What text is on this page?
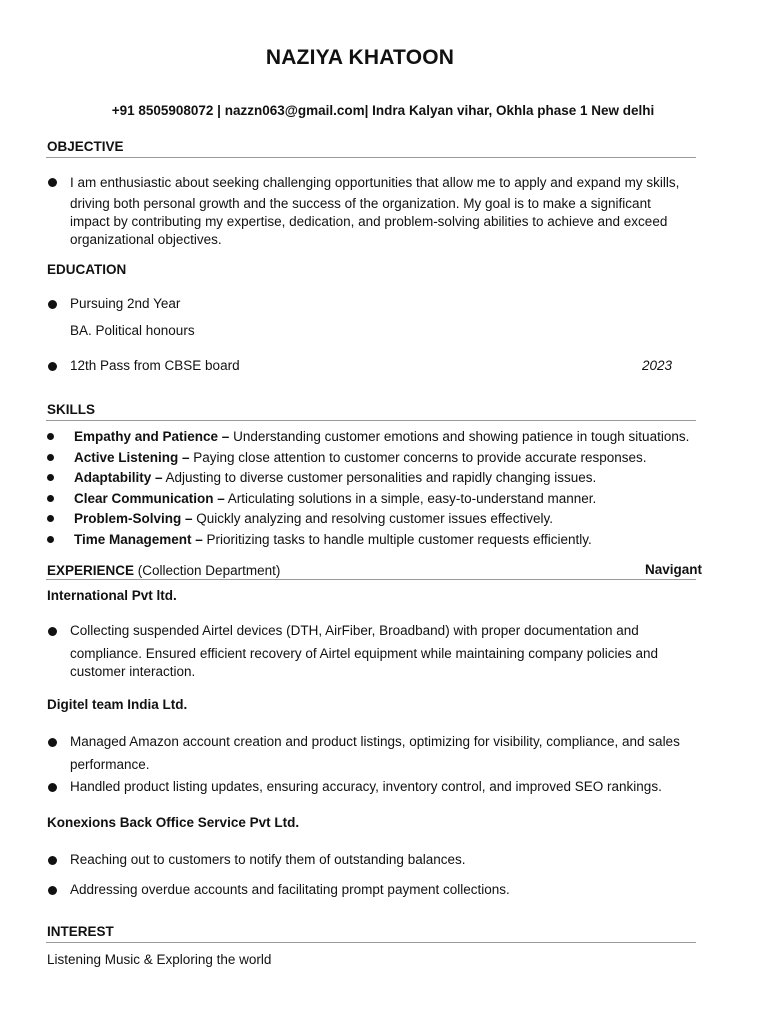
NAZIYA KHATOON
+91 8505908072 | nazzn063@gmail.com| Indra Kalyan vihar, Okhla phase 1 New delhi
OBJECTIVE
I am enthusiastic about seeking challenging opportunities that allow me to apply and expand my skills,
driving both personal growth and the success of the organization. My goal is to make a significant
impact by contributing my expertise, dedication, and problem-solving abilities to achieve and exceed
organizational objectives.
EDUCATION
Pursuing 2nd Year
BA. Political honours
12th Pass from CBSE board	2023
SKILLS
Empathy and Patience – Understanding customer emotions and showing patience in tough situations.
Active Listening – Paying close attention to customer concerns to provide accurate responses.
Adaptability – Adjusting to diverse customer personalities and rapidly changing issues.
Clear Communication – Articulating solutions in a simple, easy-to-understand manner.
Problem-Solving – Quickly analyzing and resolving customer issues effectively.
Time Management – Prioritizing tasks to handle multiple customer requests efficiently.
EXPERIENCE (Collection Department)	Navigant
International Pvt ltd.
Collecting suspended Airtel devices (DTH, AirFiber, Broadband) with proper documentation and
compliance. Ensured efficient recovery of Airtel equipment while maintaining company policies and
customer interaction.
Digitel team India Ltd.
Managed Amazon account creation and product listings, optimizing for visibility, compliance, and sales
performance.
Handled product listing updates, ensuring accuracy, inventory control, and improved SEO rankings.
Konexions Back Office Service Pvt Ltd.
Reaching out to customers to notify them of outstanding balances.
Addressing overdue accounts and facilitating prompt payment collections.
INTEREST
Listening Music & Exploring the world
